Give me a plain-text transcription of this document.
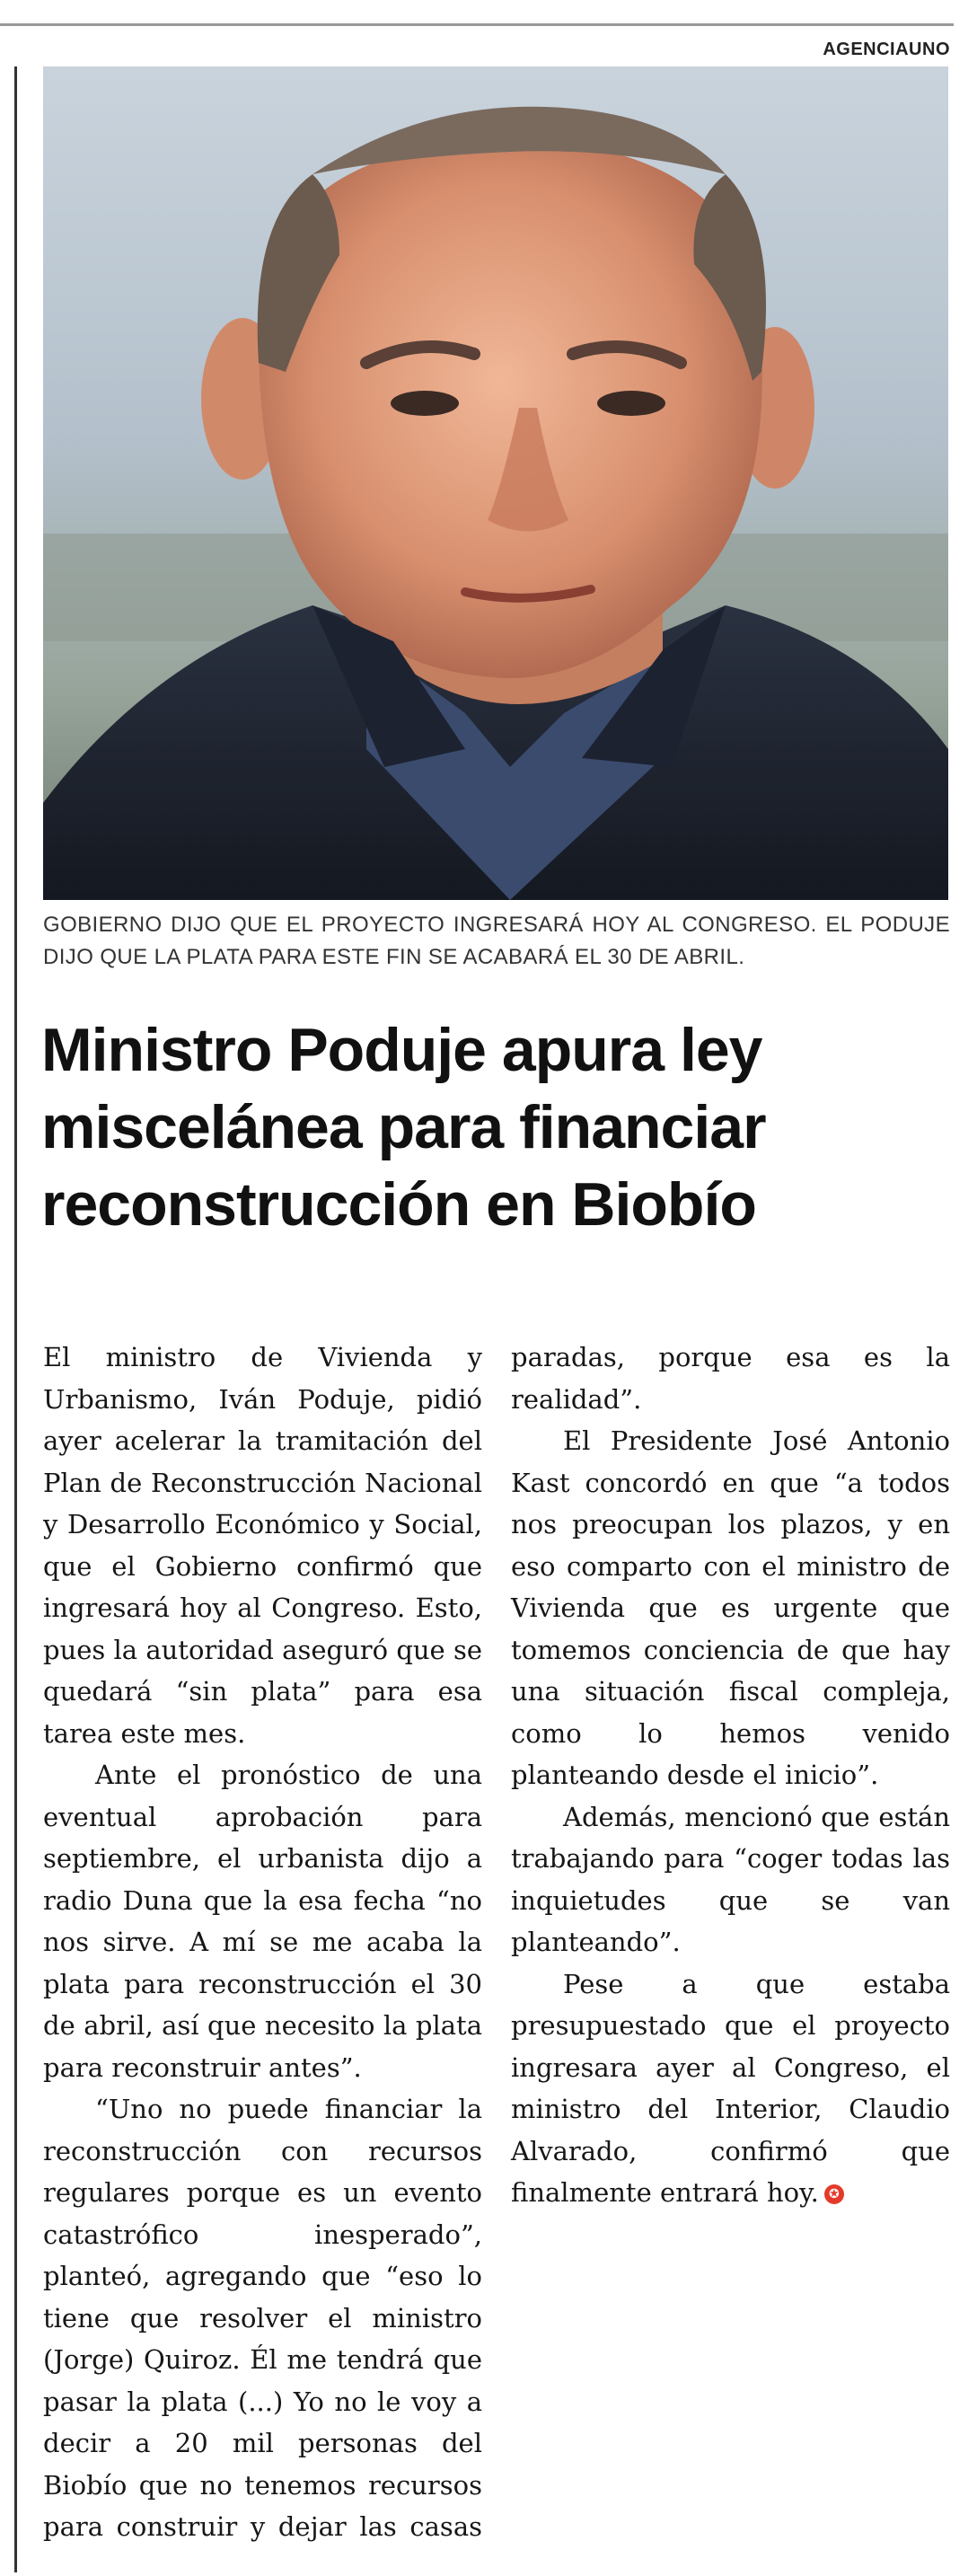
AGENCIAUNO
GOBIERNO DIJO QUE EL PROYECTO INGRESARÁ HOY AL CONGRESO. EL PODUJE DIJO QUE LA PLATA PARA ESTE FIN SE ACABARÁ EL 30 DE ABRIL.
Ministro Poduje apura ley miscelánea para financiar reconstrucción en Biobío

El ministro de Vivienda y Urbanismo, Iván Poduje, pidió ayer acelerar la tramitación del Plan de Reconstrucción Nacional y Desarrollo Económico y Social, que el Gobierno confirmó que ingresará hoy al Congreso. Esto, pues la autoridad aseguró que se quedará “sin plata” para esa tarea este mes.

Ante el pronóstico de una eventual aprobación para septiembre, el urbanista dijo a radio Duna que la esa fecha “no nos sirve. A mí se me acaba la plata para reconstrucción el 30 de abril, así que necesito la plata para reconstruir antes”.

“Uno no puede financiar la reconstrucción con recursos regulares porque es un evento catastrófico inesperado”, planteó, agregando que “eso lo tiene que resolver el ministro (Jorge) Quiroz. Él me tendrá que pasar la plata (...) Yo no le voy a decir a 20 mil personas del Biobío que no tenemos recursos para construir y dejar las casas paradas, porque esa es la realidad”.

El Presidente José Antonio Kast concordó en que “a todos nos preocupan los plazos, y en eso comparto con el ministro de Vivienda que es urgente que tomemos conciencia de que hay una situación fiscal compleja, como lo hemos venido planteando desde el inicio”.

Además, mencionó que están trabajando para “coger todas las inquietudes que se van planteando”.

Pese a que estaba presupuestado que el proyecto ingresara ayer al Congreso, el ministro del Interior, Claudio Alvarado, confirmó que finalmente entrará hoy. ✪
